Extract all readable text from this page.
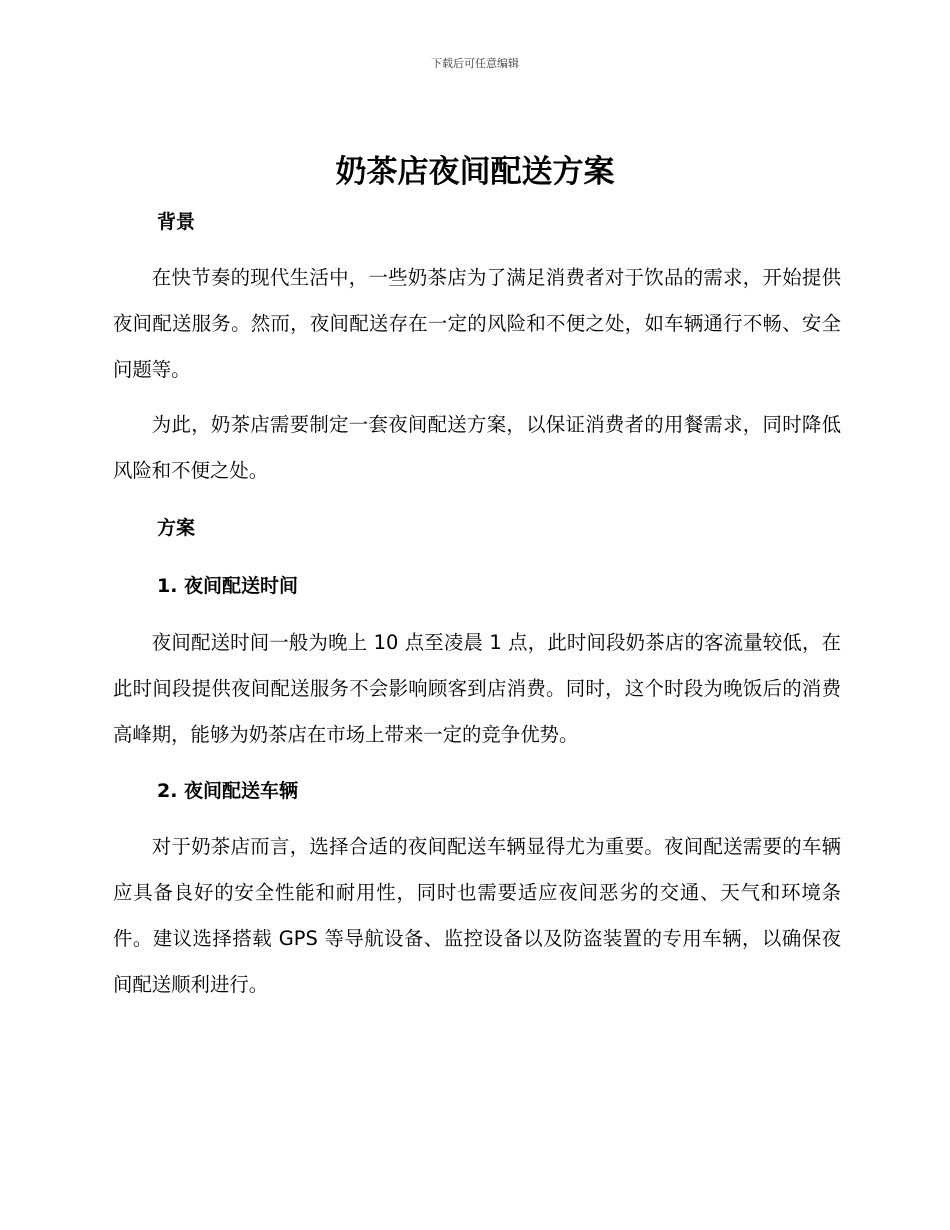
下载后可任意编辑
奶茶店夜间配送方案
背景

在快节奏的现代生活中，一些奶茶店为了满足消费者对于饮品的需求，开始提供夜间配送服务。然而，夜间配送存在一定的风险和不便之处，如车辆通行不畅、安全问题等。

为此，奶茶店需要制定一套夜间配送方案，以保证消费者的用餐需求，同时降低风险和不便之处。

方案
1. 夜间配送时间

夜间配送时间一般为晚上 10 点至凌晨 1 点，此时间段奶茶店的客流量较低，在此时间段提供夜间配送服务不会影响顾客到店消费。同时，这个时段为晚饭后的消费高峰期，能够为奶茶店在市场上带来一定的竞争优势。

2. 夜间配送车辆

对于奶茶店而言，选择合适的夜间配送车辆显得尤为重要。夜间配送需要的车辆应具备良好的安全性能和耐用性，同时也需要适应夜间恶劣的交通、天气和环境条件。建议选择搭载 GPS 等导航设备、监控设备以及防盗装置的专用车辆，以确保夜间配送顺利进行。
